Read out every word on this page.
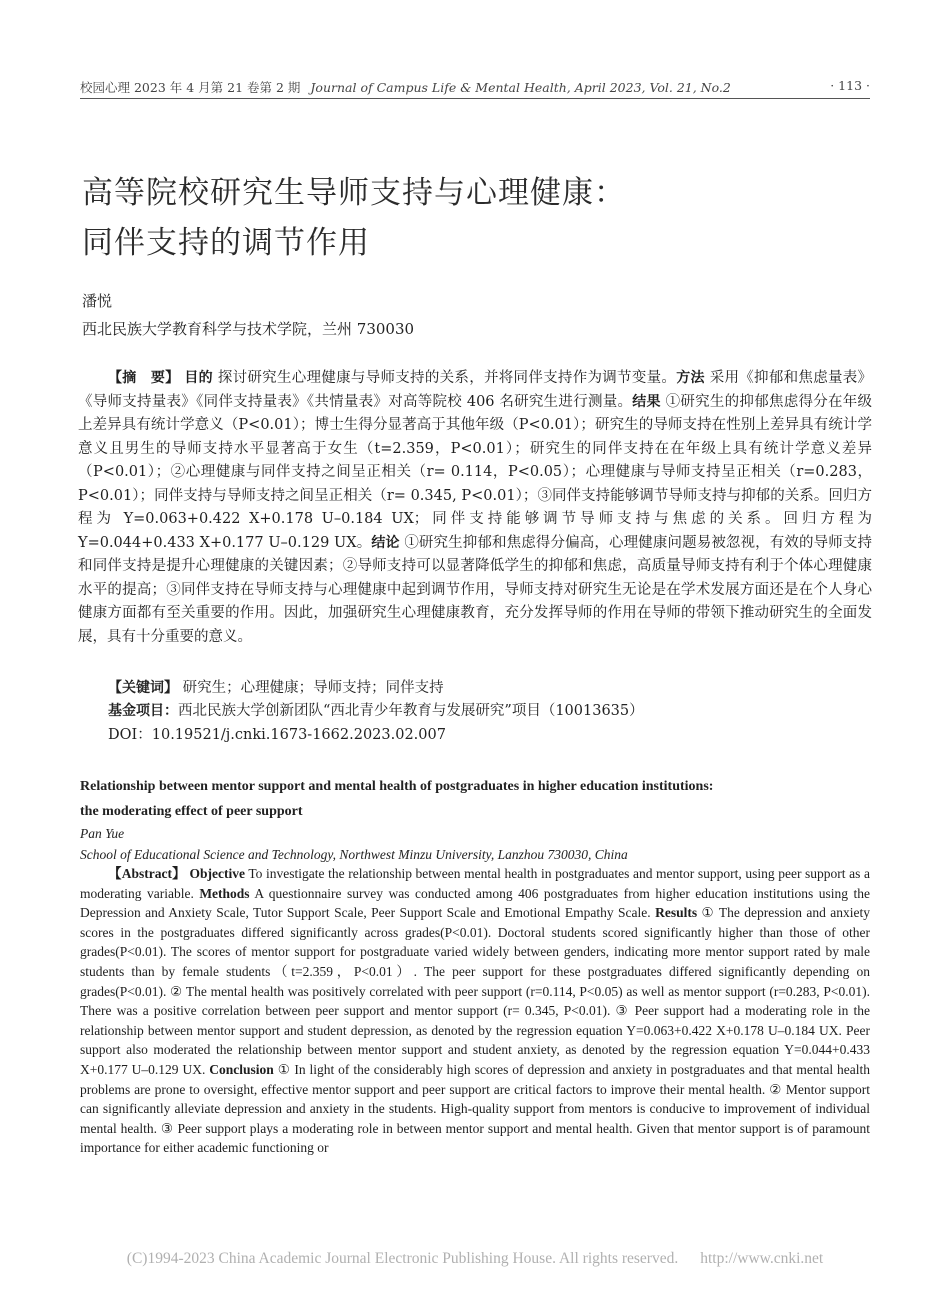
校园心理 2023 年 4 月第 21 卷第 2 期 Journal of Campus Life & Mental Health, April 2023, Vol. 21, No.2	· 113 ·
高等院校研究生导师支持与心理健康：
同伴支持的调节作用
潘悦
西北民族大学教育科学与技术学院，兰州 730030
【摘　要】 目的 探讨研究生心理健康与导师支持的关系，并将同伴支持作为调节变量。方法 采用《抑郁和焦虑量表》《导师支持量表》《同伴支持量表》《共情量表》对高等院校 406 名研究生进行测量。结果 ①研究生的抑郁焦虑得分在年级上差异具有统计学意义（P<0.01）；博士生得分显著高于其他年级（P<0.01）；研究生的导师支持在性别上差异具有统计学意义且男生的导师支持水平显著高于女生（t=2.359，P<0.01）；研究生的同伴支持在在年级上具有统计学意义差异（P<0.01）；②心理健康与同伴支持之间呈正相关（r= 0.114，P<0.05）；心理健康与导师支持呈正相关（r=0.283，P<0.01）；同伴支持与导师支持之间呈正相关（r= 0.345, P<0.01）；③同伴支持能够调节导师支持与抑郁的关系。回归方程为 Y=0.063+0.422 X+0.178 U–0.184 UX；同伴支持能够调节导师支持与焦虑的关系。回归方程为 Y=0.044+0.433 X+0.177 U–0.129 UX。结论 ①研究生抑郁和焦虑得分偏高，心理健康问题易被忽视，有效的导师支持和同伴支持是提升心理健康的关键因素；②导师支持可以显著降低学生的抑郁和焦虑，高质量导师支持有利于个体心理健康水平的提高；③同伴支持在导师支持与心理健康中起到调节作用，导师支持对研究生无论是在学术发展方面还是在个人身心健康方面都有至关重要的作用。因此，加强研究生心理健康教育，充分发挥导师的作用在导师的带领下推动研究生的全面发展，具有十分重要的意义。
【关键词】 研究生；心理健康；导师支持；同伴支持
基金项目：西北民族大学创新团队“西北青少年教育与发展研究”项目（10013635）
DOI：10.19521/j.cnki.1673-1662.2023.02.007
Relationship between mentor support and mental health of postgraduates in higher education institutions:
the moderating effect of peer support
Pan Yue
School of Educational Science and Technology, Northwest Minzu University, Lanzhou 730030, China
【Abstract】 Objective To investigate the relationship between mental health in postgraduates and mentor support, using peer support as a moderating variable. Methods A questionnaire survey was conducted among 406 postgraduates from higher education institutions using the Depression and Anxiety Scale, Tutor Support Scale, Peer Support Scale and Emotional Empathy Scale. Results ① The depression and anxiety scores in the postgraduates differed significantly across grades(P<0.01). Doctoral students scored significantly higher than those of other grades(P<0.01). The scores of mentor support for postgraduate varied widely between genders, indicating more mentor support rated by male students than by female students（t=2.359，P<0.01）. The peer support for these postgraduates differed significantly depending on grades(P<0.01). ② The mental health was positively correlated with peer support (r=0.114, P<0.05) as well as mentor support (r=0.283, P<0.01). There was a positive correlation between peer support and mentor support (r= 0.345, P<0.01). ③ Peer support had a moderating role in the relationship between mentor support and student depression, as denoted by the regression equation Y=0.063+0.422 X+0.178 U–0.184 UX. Peer support also moderated the relationship between mentor support and student anxiety, as denoted by the regression equation Y=0.044+0.433 X+0.177 U–0.129 UX. Conclusion ① In light of the considerably high scores of depression and anxiety in postgraduates and that mental health problems are prone to oversight, effective mentor support and peer support are critical factors to improve their mental health. ② Mentor support can significantly alleviate depression and anxiety in the students. High-quality support from mentors is conducive to improvement of individual mental health. ③ Peer support plays a moderating role in between mentor support and mental health. Given that mentor support is of paramount importance for either academic functioning or
(C)1994-2023 China Academic Journal Electronic Publishing House. All rights reserved. http://www.cnki.net
